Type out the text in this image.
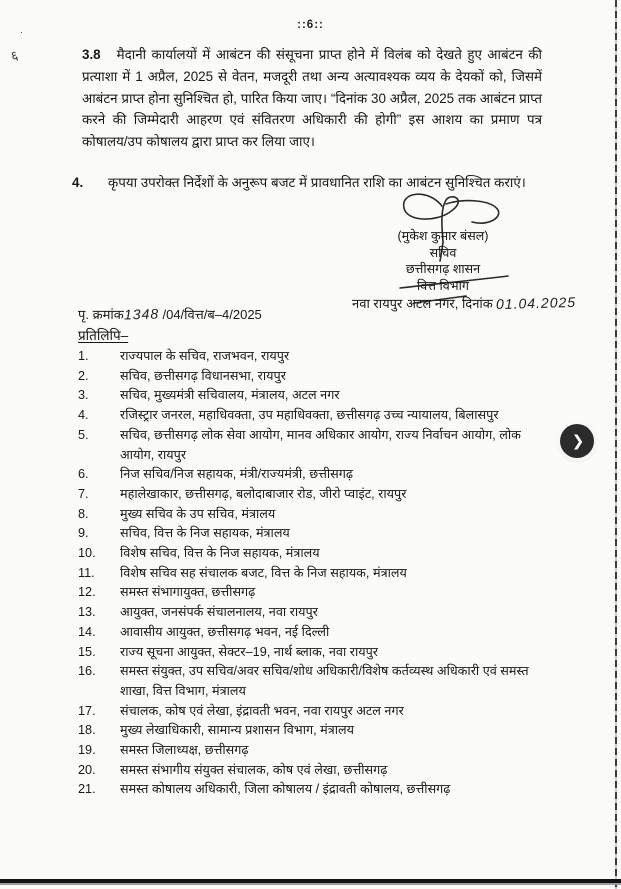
::6::
·
६	3.8 मैदानी कार्यालयों में आबंटन की संसूचना प्राप्त होने में विलंब को देखते हुए आबंटन की प्रत्याशा में 1 अप्रैल, 2025 से वेतन, मजदूरी तथा अन्य अत्यावश्यक व्यय के देयकों को, जिसमें आबंटन प्राप्त होना सुनिश्चित हो, पारित किया जाए। “दिनांक 30 अप्रैल, 2025 तक आबंटन प्राप्त करने की जिम्मेदारी आहरण एवं संवितरण अधिकारी की होगी” इस आशय का प्रमाण पत्र कोषालय/उप कोषालय द्वारा प्राप्त कर लिया जाए।
4. कृपया उपरोक्त निर्देशों के अनुरूप बजट में प्रावधानित राशि का आबंटन सुनिश्चित कराएं।
(मुकेश कुमार बंसल)
सचिव
छत्तीसगढ़ शासन
वित्त विभाग
पृ. क्रमांक1348 /04/वित्त/ब–4/2025
नवा रायपुर अटल नगर, दिनांक 01.04.2025
प्रतिलिपि–
1.	राज्यपाल के सचिव, राजभवन, रायपुर
2.	सचिव, छत्तीसगढ़ विधानसभा, रायपुर
3.	सचिव, मुख्यमंत्री सचिवालय, मंत्रालय, अटल नगर
4.	रजिस्ट्रार जनरल, महाधिवक्ता, उप महाधिवक्ता, छत्तीसगढ़ उच्च न्यायालय, बिलासपुर
5.	सचिव, छत्तीसगढ़ लोक सेवा आयोग, मानव अधिकार आयोग, राज्य निर्वाचन आयोग, लोक आयोग, रायपुर
6.	निज सचिव/निज सहायक, मंत्री/राज्यमंत्री, छत्तीसगढ़
7.	महालेखाकार, छत्तीसगढ़, बलोदाबाजार रोड, जीरो प्वाइंट, रायपुर
8.	मुख्य सचिव के उप सचिव, मंत्रालय
9.	सचिव, वित्त के निज सहायक, मंत्रालय
10.	विशेष सचिव, वित्त के निज सहायक, मंत्रालय
11.	विशेष सचिव सह संचालक बजट, वित्त के निज सहायक, मंत्रालय
12.	समस्त संभागायुक्त, छत्तीसगढ़
13.	आयुक्त, जनसंपर्क संचालनालय, नवा रायपुर
14.	आवासीय आयुक्त, छत्तीसगढ़ भवन, नई दिल्ली
15.	राज्य सूचना आयुक्त, सेक्टर–19, नार्थ ब्लाक, नवा रायपुर
16.	समस्त संयुक्त, उप सचिव/अवर सचिव/शोध अधिकारी/विशेष कर्तव्यस्थ अधिकारी एवं समस्त शाखा, वित्त विभाग, मंत्रालय
17.	संचालक, कोष एवं लेखा, इंद्रावती भवन, नवा रायपुर अटल नगर
18.	मुख्य लेखाधिकारी, सामान्य प्रशासन विभाग, मंत्रालय
19.	समस्त जिलाध्यक्ष, छत्तीसगढ़
20.	समस्त संभागीय संयुक्त संचालक, कोष एवं लेखा, छत्तीसगढ़
21.	समस्त कोषालय अधिकारी, जिला कोषालय / इंद्रावती कोषालय, छत्तीसगढ़
❯
